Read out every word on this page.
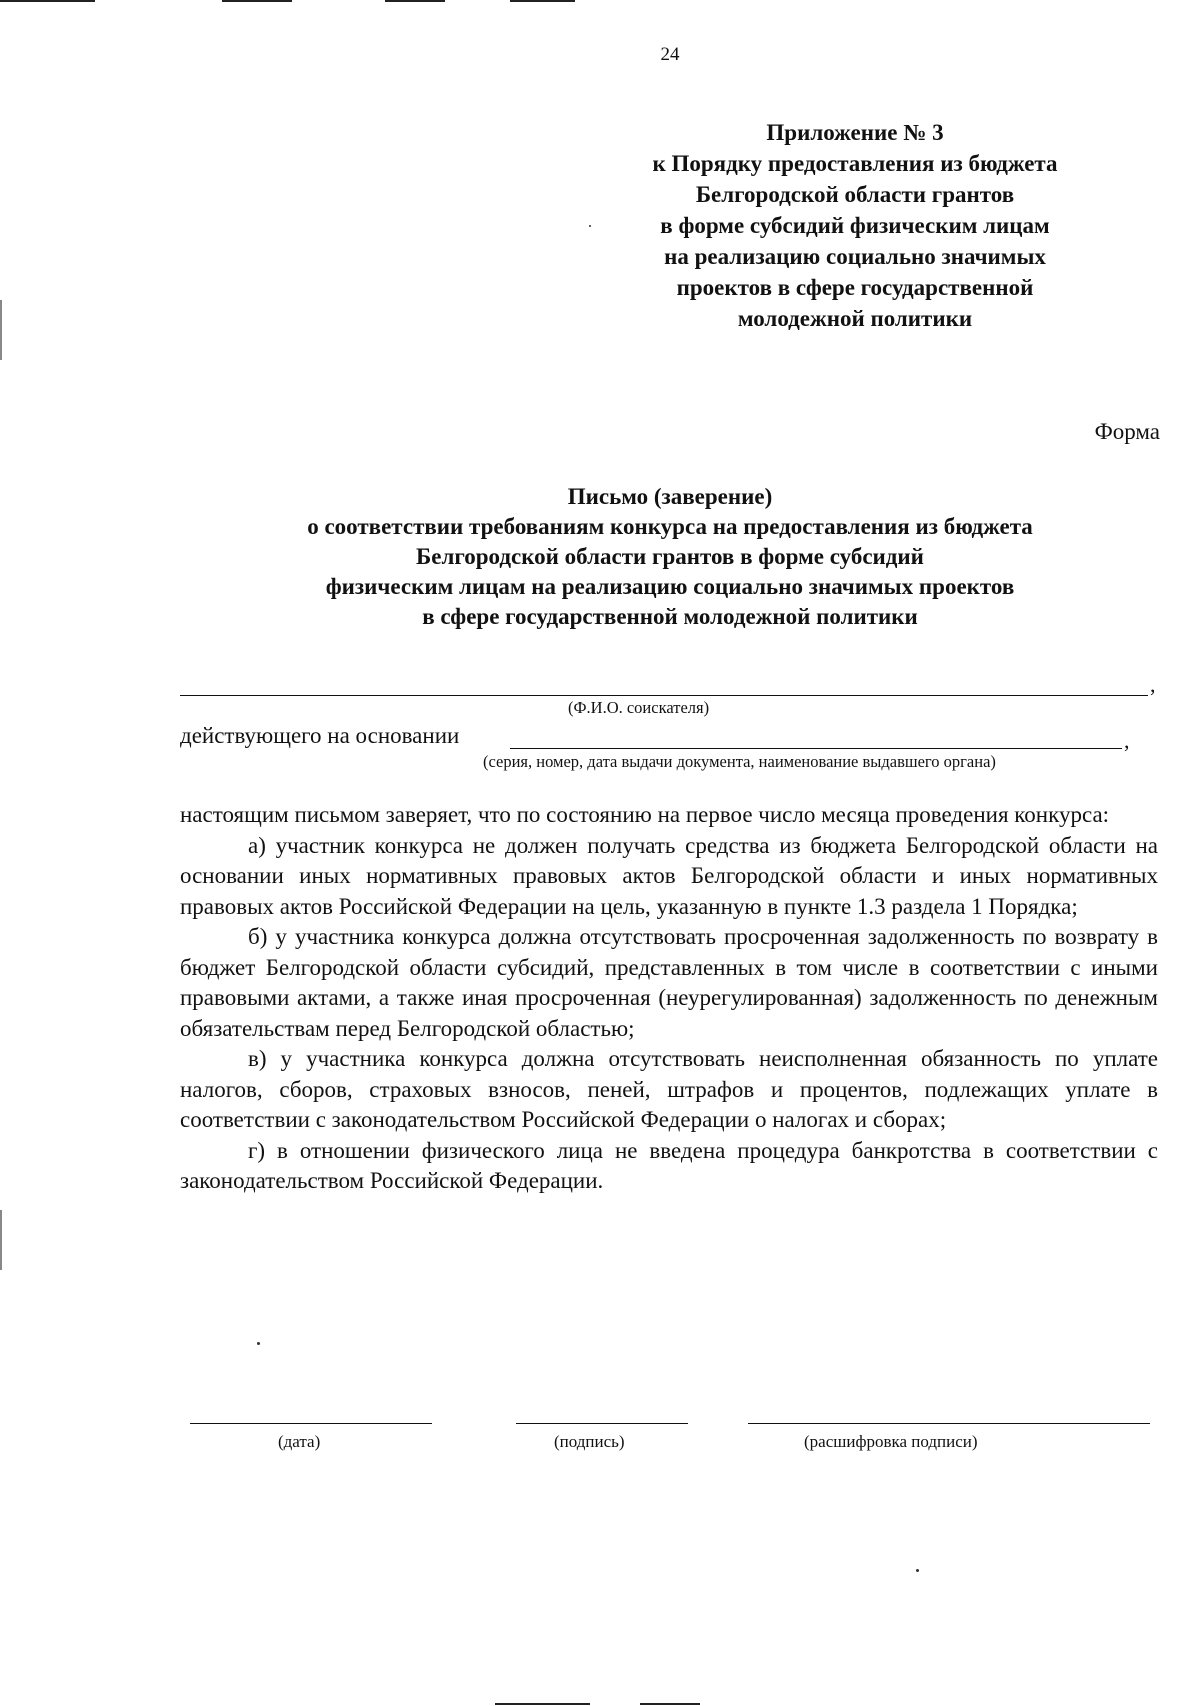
24
Приложение № 3
к Порядку предоставления из бюджета
Белгородской области грантов
в форме субсидий физическим лицам
на реализацию социально значимых
проектов в сфере государственной
молодежной политики
Форма
Письмо (заверение)
о соответствии требованиям конкурса на предоставления из бюджета
Белгородской области грантов в форме субсидий
физическим лицам на реализацию социально значимых проектов
в сфере государственной молодежной политики
,
(Ф.И.О. соискателя)
действующего на основании	,
(серия, номер, дата выдачи документа, наименование выдавшего органа)

настоящим письмом заверяет, что по состоянию на первое число месяца проведения конкурса:

а) участник конкурса не должен получать средства из бюджета Белгородской области на основании иных нормативных правовых актов Белгородской области и иных нормативных правовых актов Российской Федерации на цель, указанную в пункте 1.3 раздела 1 Порядка;

б) у участника конкурса должна отсутствовать просроченная задолженность по возврату в бюджет Белгородской области субсидий, представленных в том числе в соответствии с иными правовыми актами, а также иная просроченная (неурегулированная) задолженность по денежным обязательствам перед Белгородской областью;

в) у участника конкурса должна отсутствовать неисполненная обязанность по уплате налогов, сборов, страховых взносов, пеней, штрафов и процентов, подлежащих уплате в соответствии с законодательством Российской Федерации о налогах и сборах;

г) в отношении физического лица не введена процедура банкротства в соответствии с законодательством Российской Федерации.

(дата)	(подпись)	(расшифровка подписи)
